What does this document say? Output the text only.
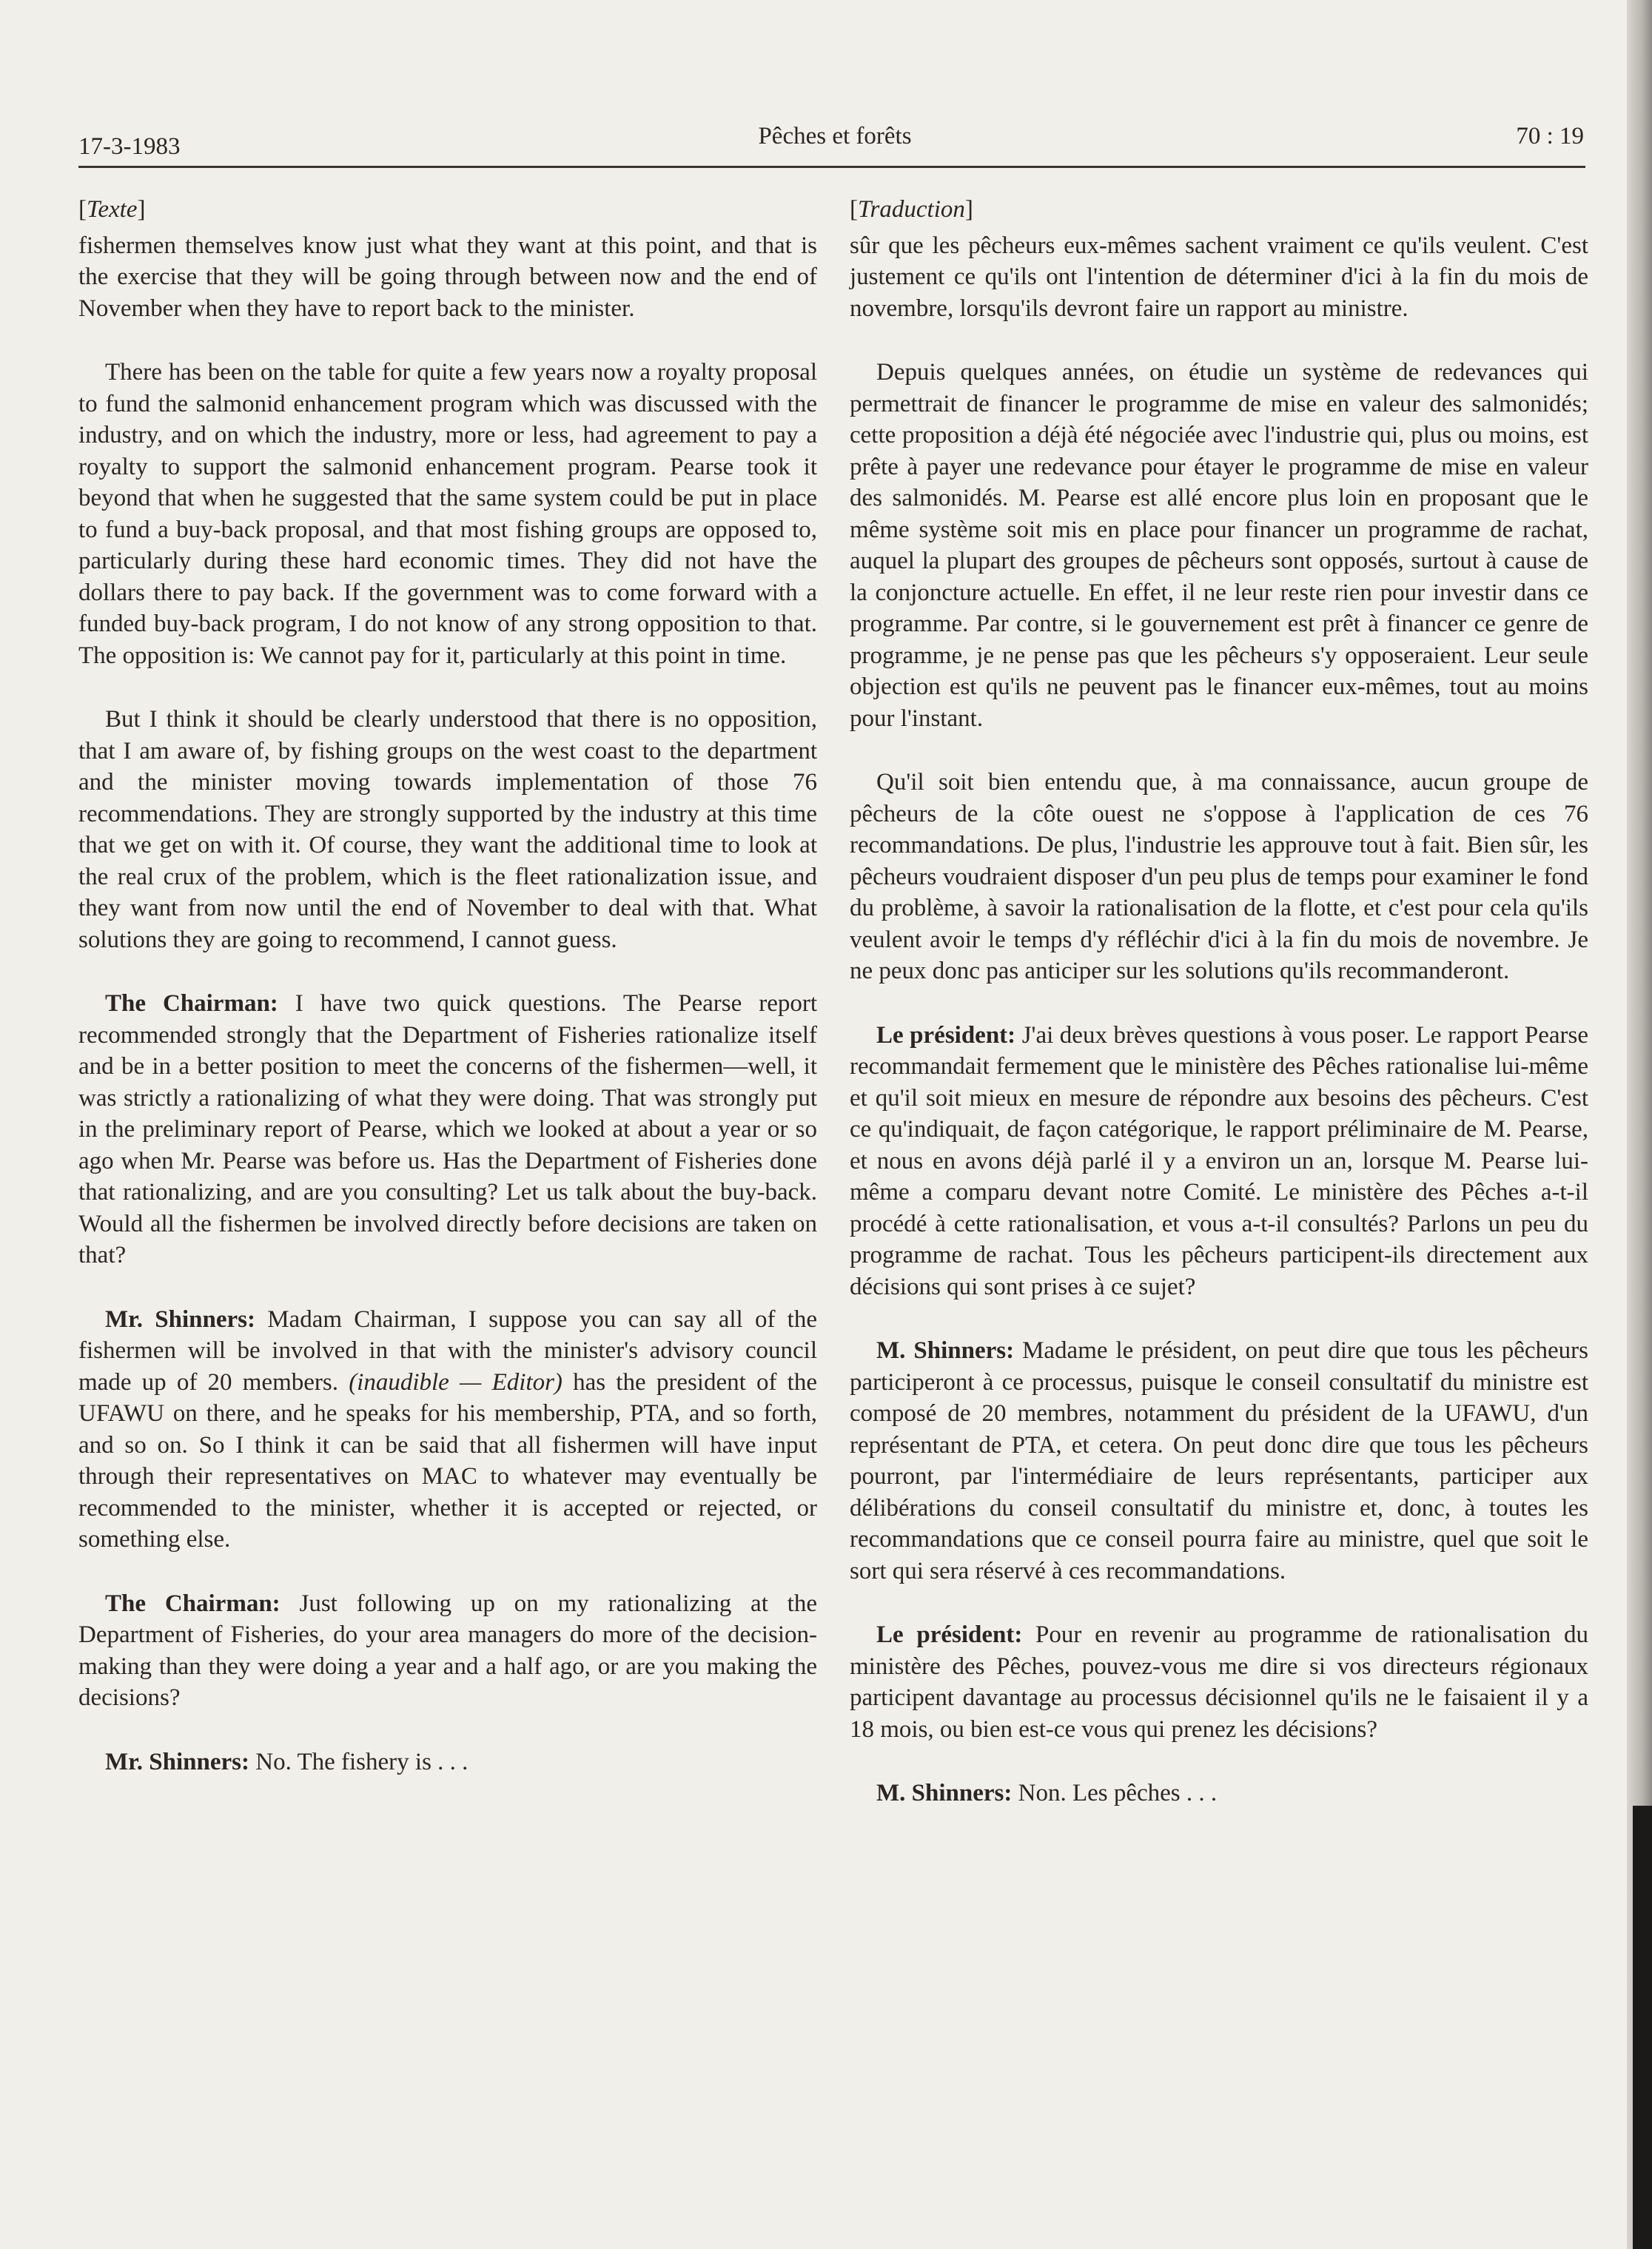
17-3-1983	Pêches et forêts	70 : 19

[Texte]

fishermen themselves know just what they want at this point, and that is the exercise that they will be going through between now and the end of November when they have to report back to the minister.

There has been on the table for quite a few years now a royalty proposal to fund the salmonid enhancement program which was discussed with the industry, and on which the industry, more or less, had agreement to pay a royalty to support the salmonid enhancement program. Pearse took it beyond that when he suggested that the same system could be put in place to fund a buy-back proposal, and that most fishing groups are opposed to, particularly during these hard economic times. They did not have the dollars there to pay back. If the government was to come forward with a funded buy-back program, I do not know of any strong opposition to that. The opposition is: We cannot pay for it, particularly at this point in time.

But I think it should be clearly understood that there is no opposition, that I am aware of, by fishing groups on the west coast to the department and the minister moving towards implementation of those 76 recommendations. They are strongly supported by the industry at this time that we get on with it. Of course, they want the additional time to look at the real crux of the problem, which is the fleet rationalization issue, and they want from now until the end of November to deal with that. What solutions they are going to recommend, I cannot guess.

The Chairman: I have two quick questions. The Pearse report recommended strongly that the Department of Fisheries rationalize itself and be in a better position to meet the concerns of the fishermen—well, it was strictly a rationalizing of what they were doing. That was strongly put in the preliminary report of Pearse, which we looked at about a year or so ago when Mr. Pearse was before us. Has the Department of Fisheries done that rationalizing, and are you consulting? Let us talk about the buy-back. Would all the fishermen be involved directly before decisions are taken on that?

Mr. Shinners: Madam Chairman, I suppose you can say all of the fishermen will be involved in that with the minister's advisory council made up of 20 members. (inaudible — Editor) has the president of the UFAWU on there, and he speaks for his membership, PTA, and so forth, and so on. So I think it can be said that all fishermen will have input through their representatives on MAC to whatever may eventually be recommended to the minister, whether it is accepted or rejected, or something else.

The Chairman: Just following up on my rationalizing at the Department of Fisheries, do your area managers do more of the decision-making than they were doing a year and a half ago, or are you making the decisions?

Mr. Shinners: No. The fishery is . . .

[Traduction]

sûr que les pêcheurs eux-mêmes sachent vraiment ce qu'ils veulent. C'est justement ce qu'ils ont l'intention de déterminer d'ici à la fin du mois de novembre, lorsqu'ils devront faire un rapport au ministre.

Depuis quelques années, on étudie un système de redevances qui permettrait de financer le programme de mise en valeur des salmonidés; cette proposition a déjà été négociée avec l'industrie qui, plus ou moins, est prête à payer une redevance pour étayer le programme de mise en valeur des salmonidés. M. Pearse est allé encore plus loin en proposant que le même système soit mis en place pour financer un programme de rachat, auquel la plupart des groupes de pêcheurs sont opposés, surtout à cause de la conjoncture actuelle. En effet, il ne leur reste rien pour investir dans ce programme. Par contre, si le gouvernement est prêt à financer ce genre de programme, je ne pense pas que les pêcheurs s'y opposeraient. Leur seule objection est qu'ils ne peuvent pas le financer eux-mêmes, tout au moins pour l'instant.

Qu'il soit bien entendu que, à ma connaissance, aucun groupe de pêcheurs de la côte ouest ne s'oppose à l'application de ces 76 recommandations. De plus, l'industrie les approuve tout à fait. Bien sûr, les pêcheurs voudraient disposer d'un peu plus de temps pour examiner le fond du problème, à savoir la rationalisation de la flotte, et c'est pour cela qu'ils veulent avoir le temps d'y réfléchir d'ici à la fin du mois de novembre. Je ne peux donc pas anticiper sur les solutions qu'ils recommanderont.

Le président: J'ai deux brèves questions à vous poser. Le rapport Pearse recommandait fermement que le ministère des Pêches rationalise lui-même et qu'il soit mieux en mesure de répondre aux besoins des pêcheurs. C'est ce qu'indiquait, de façon catégorique, le rapport préliminaire de M. Pearse, et nous en avons déjà parlé il y a environ un an, lorsque M. Pearse lui-même a comparu devant notre Comité. Le ministère des Pêches a-t-il procédé à cette rationalisation, et vous a-t-il consultés? Parlons un peu du programme de rachat. Tous les pêcheurs participent-ils directement aux décisions qui sont prises à ce sujet?

M. Shinners: Madame le président, on peut dire que tous les pêcheurs participeront à ce processus, puisque le conseil consultatif du ministre est composé de 20 membres, notamment du président de la UFAWU, d'un représentant de PTA, et cetera. On peut donc dire que tous les pêcheurs pourront, par l'intermédiaire de leurs représentants, participer aux délibérations du conseil consultatif du ministre et, donc, à toutes les recommandations que ce conseil pourra faire au ministre, quel que soit le sort qui sera réservé à ces recommandations.

Le président: Pour en revenir au programme de rationalisation du ministère des Pêches, pouvez-vous me dire si vos directeurs régionaux participent davantage au processus décisionnel qu'ils ne le faisaient il y a 18 mois, ou bien est-ce vous qui prenez les décisions?

M. Shinners: Non. Les pêches . . .
